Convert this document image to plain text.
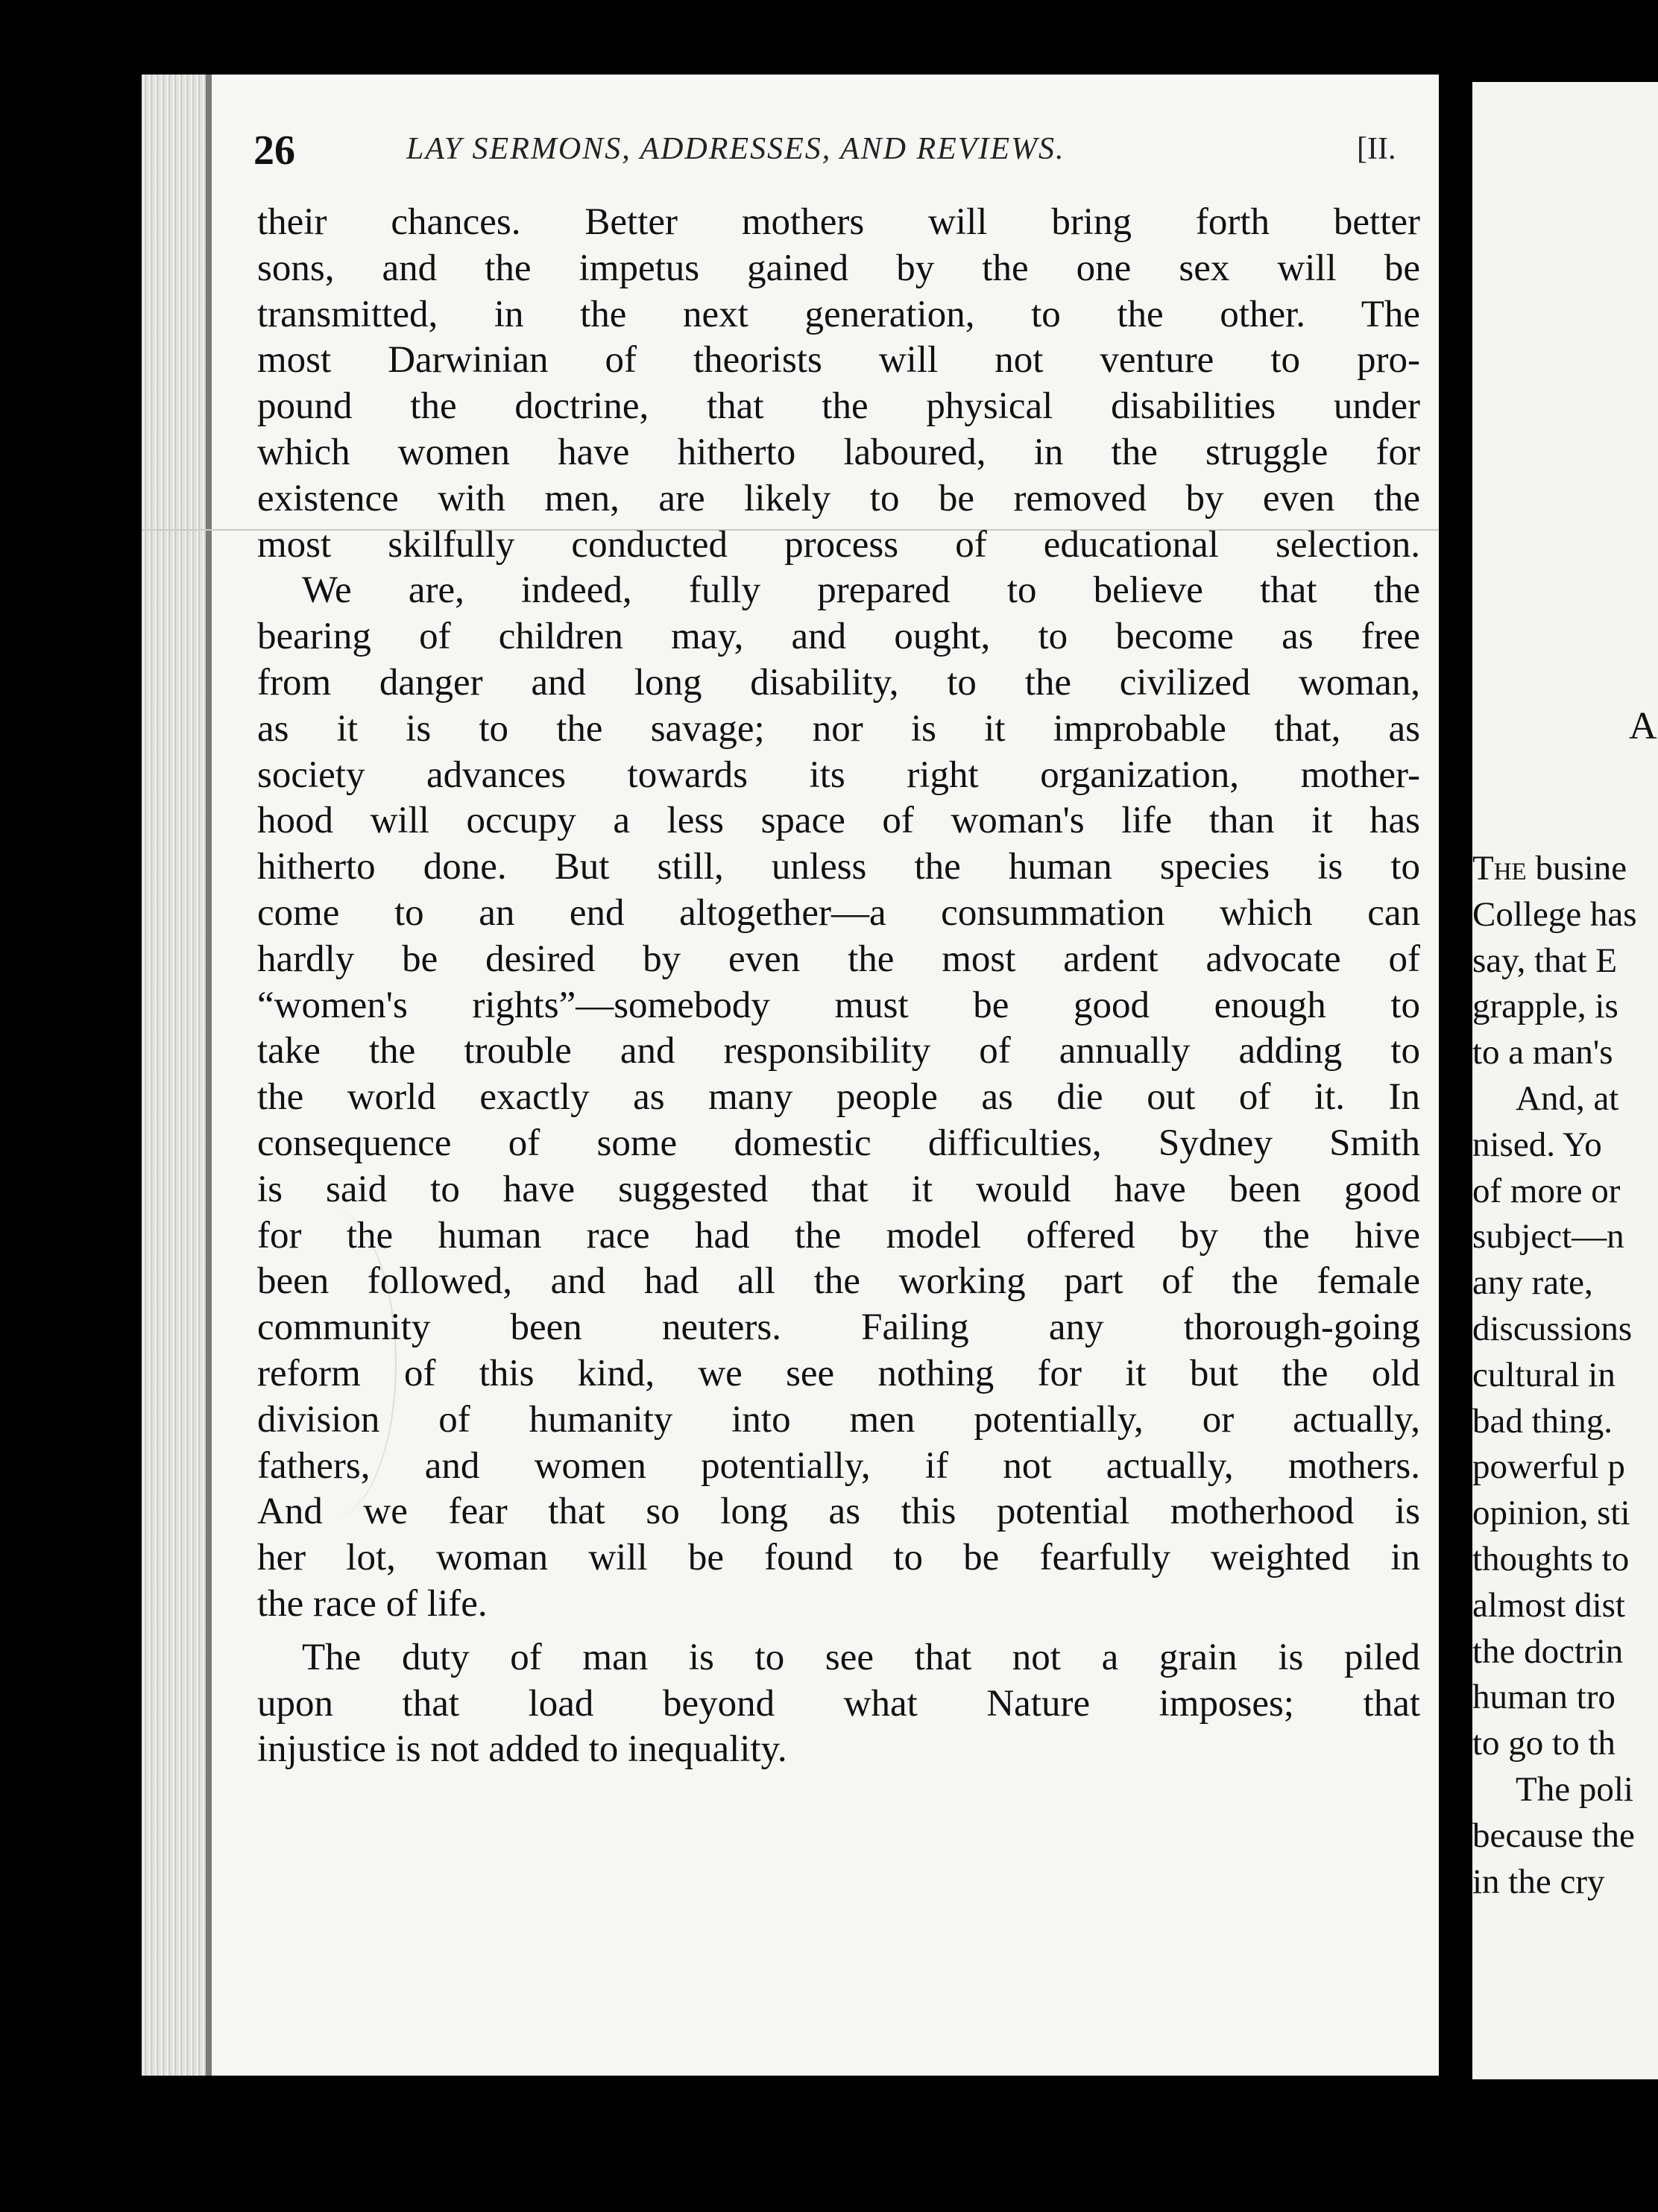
26	LAY SERMONS, ADDRESSES, AND REVIEWS.	[II.
their chances. Better mothers will bring forth better
sons, and the impetus gained by the one sex will be
transmitted, in the next generation, to the other. The
most Darwinian of theorists will not venture to pro-
pound the doctrine, that the physical disabilities under
which women have hitherto laboured, in the struggle for
existence with men, are likely to be removed by even the
most skilfully conducted process of educational selection.
We are, indeed, fully prepared to believe that the
bearing of children may, and ought, to become as free
from danger and long disability, to the civilized woman,
as it is to the savage; nor is it improbable that, as
society advances towards its right organization, mother-
hood will occupy a less space of woman's life than it has
hitherto done. But still, unless the human species is to
come to an end altogether—a consummation which can
hardly be desired by even the most ardent advocate of
“women's rights”—somebody must be good enough to
take the trouble and responsibility of annually adding to
the world exactly as many people as die out of it. In
consequence of some domestic difficulties, Sydney Smith
is said to have suggested that it would have been good
for the human race had the model offered by the hive
been followed, and had all the working part of the female
community been neuters. Failing any thorough-going
reform of this kind, we see nothing for it but the old
division of humanity into men potentially, or actually,
fathers, and women potentially, if not actually, mothers.
And we fear that so long as this potential motherhood is
her lot, woman will be found to be fearfully weighted in
the race of life.
The duty of man is to see that not a grain is piled
upon that load beyond what Nature imposes; that
injustice is not added to inequality.
A
The busine
College has
say, that E
grapple, is
to a man's
And, at
nised. Yo
of more or
subject—n
any rate,
discussions
cultural in
bad thing.
powerful p
opinion, sti
thoughts to
almost dist
the doctrin
human tro
to go to th
The poli
because the
in the cry
